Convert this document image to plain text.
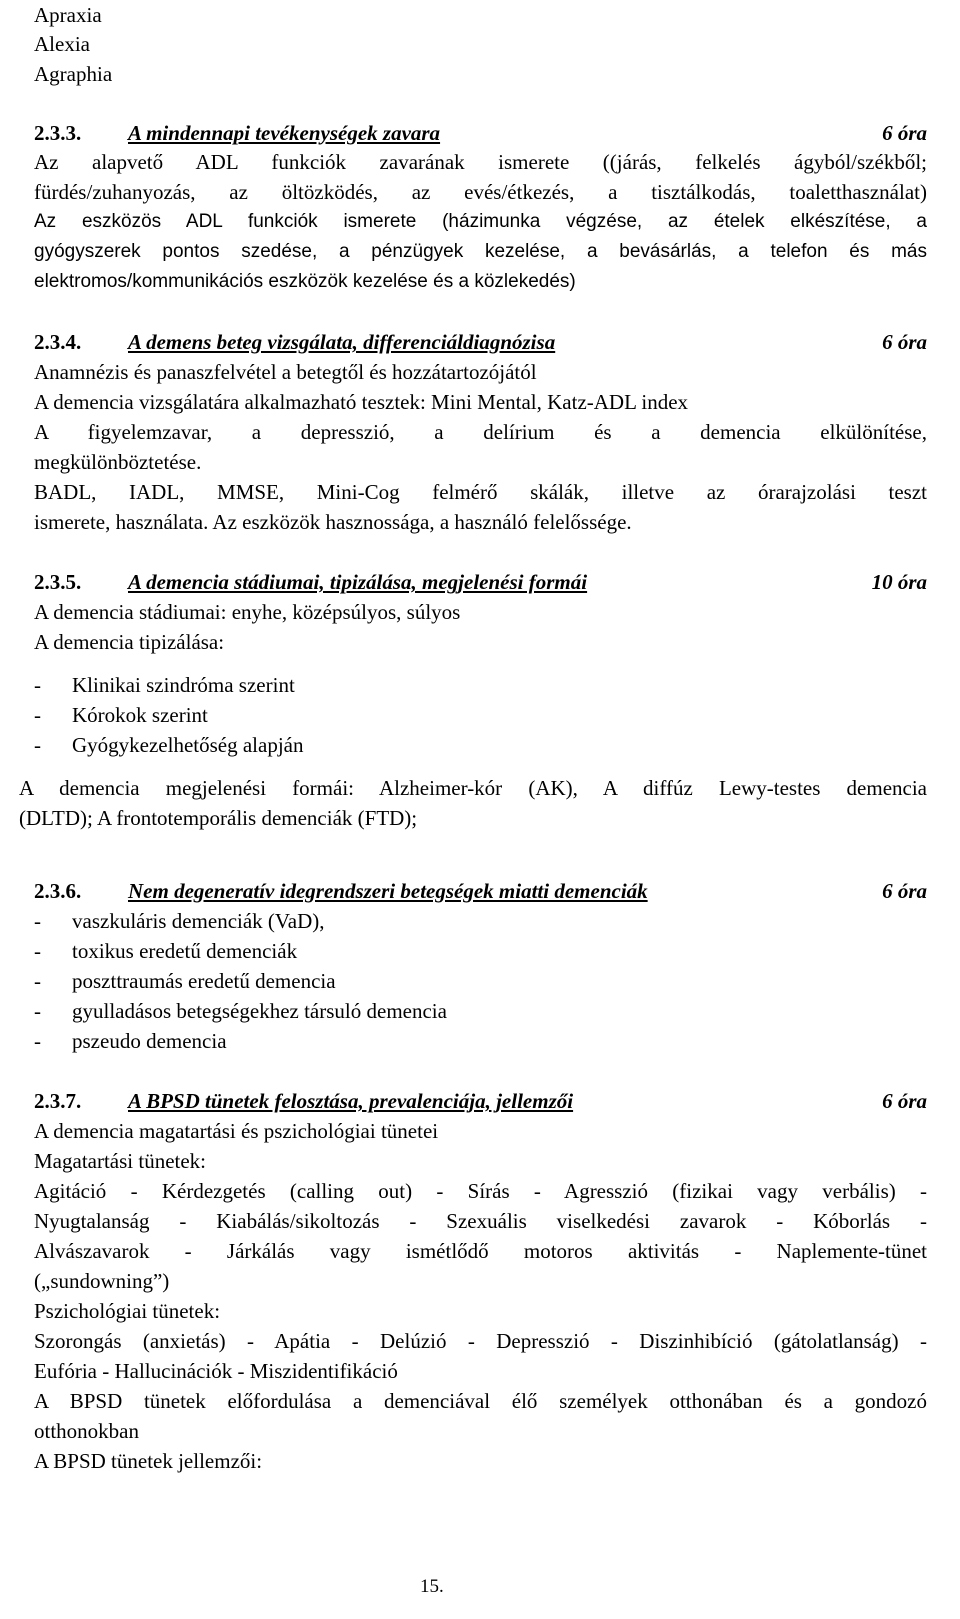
Apraxia
Alexia
Agraphia
2.3.3. A mindennapi tevékenységek zavara	6 óra
Az alapvető ADL funkciók zavarának ismerete ((járás, felkelés ágyból/székből;
fürdés/zuhanyozás, az öltözködés, az evés/étkezés, a tisztálkodás, toaletthasználat)
Az eszközös ADL funkciók ismerete (házimunka végzése, az ételek elkészítése, a
gyógyszerek pontos szedése, a pénzügyek kezelése, a bevásárlás, a telefon és más
elektromos/kommunikációs eszközök kezelése és a közlekedés)
2.3.4. A demens beteg vizsgálata, differenciáldiagnózisa	6 óra
Anamnézis és panaszfelvétel a betegtől és hozzátartozójától
A demencia vizsgálatára alkalmazható tesztek: Mini Mental, Katz-ADL index
A figyelemzavar, a depresszió, a delírium és a demencia elkülönítése,
megkülönböztetése.
BADL, IADL, MMSE, Mini-Cog felmérő skálák, illetve az órarajzolási teszt
ismerete, használata. Az eszközök hasznossága, a használó felelőssége.
2.3.5. A demencia stádiumai, tipizálása, megjelenési formái	10 óra
A demencia stádiumai: enyhe, középsúlyos, súlyos
A demencia tipizálása:
- Klinikai szindróma szerint
- Kórokok szerint
- Gyógykezelhetőség alapján
A demencia megjelenési formái: Alzheimer-kór (AK), A diffúz Lewy-testes demencia
(DLTD); A frontotemporális demenciák (FTD);
2.3.6. Nem degeneratív idegrendszeri betegségek miatti demenciák	6 óra
- vaszkuláris demenciák (VaD),
- toxikus eredetű demenciák
- poszttraumás eredetű demencia
- gyulladásos betegségekhez társuló demencia
- pszeudo demencia
2.3.7. A BPSD tünetek felosztása, prevalenciája, jellemzői	6 óra
A demencia magatartási és pszichológiai tünetei
Magatartási tünetek:
Agitáció - Kérdezgetés (calling out) - Sírás - Agresszió (fizikai vagy verbális) -
Nyugtalanság - Kiabálás/sikoltozás - Szexuális viselkedési zavarok - Kóborlás -
Alvászavarok - Járkálás vagy ismétlődő motoros aktivitás - Naplemente-tünet
(„sundowning”)
Pszichológiai tünetek:
Szorongás (anxietás) - Apátia - Delúzió - Depresszió - Diszinhibíció (gátolatlanság) -
Eufória - Hallucinációk - Miszidentifikáció
A BPSD tünetek előfordulása a demenciával élő személyek otthonában és a gondozó
otthonokban
A BPSD tünetek jellemzői:
15.
